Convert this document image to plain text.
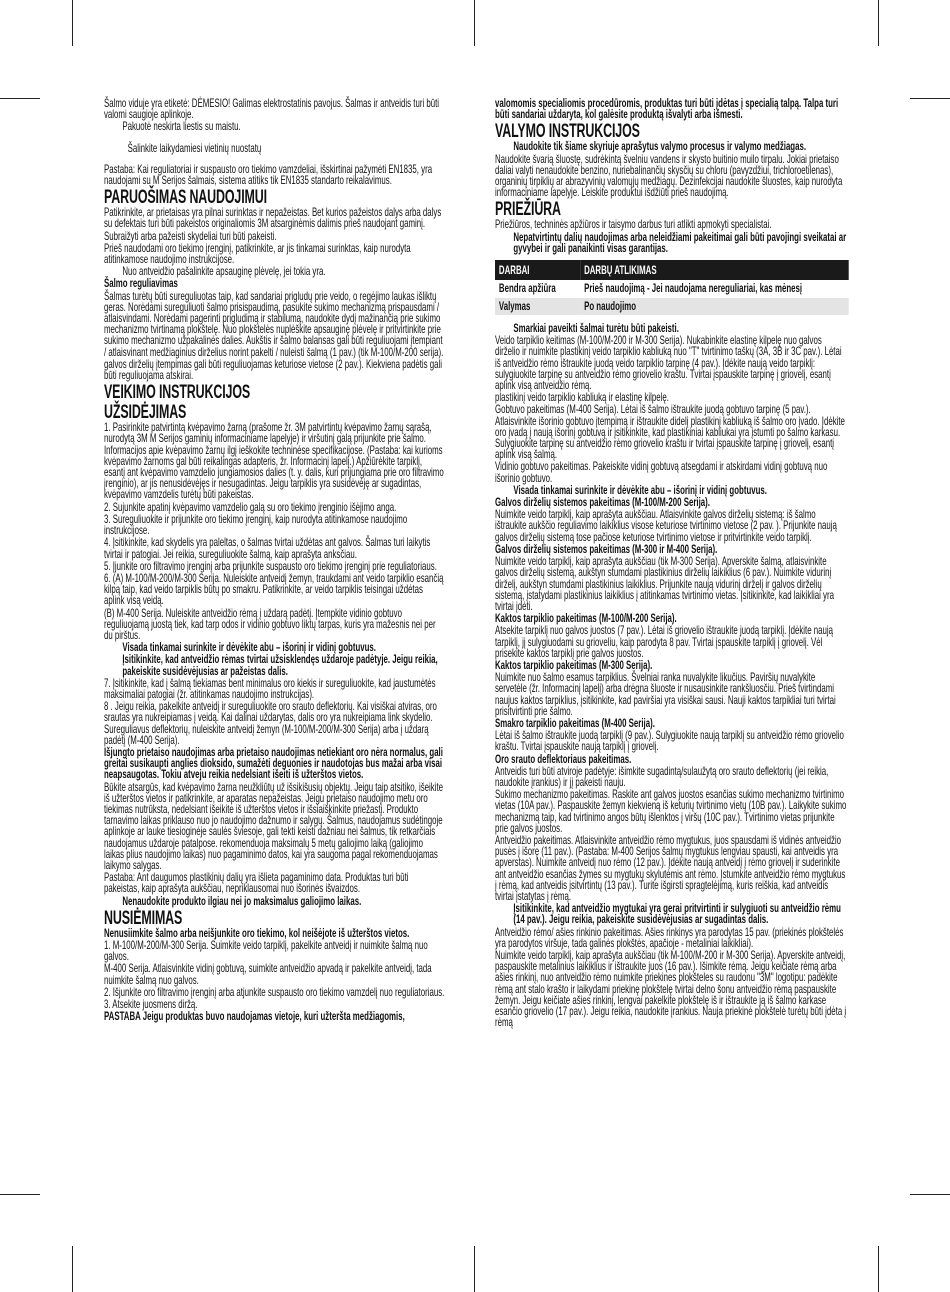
Šalmo viduje yra etiketė: DĖMESIO! Galimas elektrostatinis pavojus. Šalmas ir antveidis turi būti valomi saugioje aplinkoje.
Pakuotė neskirta liestis su maistu.
Šalinkite laikydamiesi vietinių nuostatų
Pastaba: Kai reguliatoriai ir suspausto oro tiekimo vamzdeliai, išskirtinai pažymėti EN1835, yra naudojami su M Serijos šalmais, sistema atitiks tik EN1835 standarto reikalavimus.
PARUOŠIMAS NAUDOJIMUI
Patikrinkite, ar prietaisas yra pilnai surinktas ir nepažeistas. Bet kurios pažeistos dalys arba dalys su defektais turi būti pakeistos originaliomis 3M atsarginėmis dalimis prieš naudojant gaminį.
Subraižyti arba pažeisti skydeliai turi būti pakeisti.
Prieš naudodami oro tiekimo įrenginį, patikrinkite, ar jis tinkamai surinktas, kaip nurodyta atitinkamose naudojimo instrukcijose.
Nuo antveidžio pašalinkite apsauginę plėvelę, jei tokia yra.
Šalmo reguliavimas
Šalmas turėtų būti sureguliuotas taip, kad sandariai prigludų prie veido, o regėjimo laukas išliktų geras. Norėdami sureguliuoti šalmo prisispaudimą, pasukite sukimo mechanizmą prispausdami / atlaisvindami. Norėdami pagerinti prigludimą ir stabilumą, naudokite dydį mažinančią prie sukimo mechanizmo tvirtinamą plokštelę. Nuo plokštelės nuplėškite apsauginę plėvelę ir pritvirtinkite prie sukimo mechanizmo užpakalinės dalies. Aukštis ir šalmo balansas gali būti reguliuojami įtempiant / atlaisvinant medžiaginius dirželius norint pakelti / nuleisti šalmą (1 pav.) (tik M-100/M-200 serija).
galvos dirželių įtempimas gali būti reguliuojamas keturiose vietose (2 pav.). Kiekviena padėtis gali būti reguliuojama atskirai.
VEIKIMO INSTRUKCIJOS
UŽSIDĖJIMAS
1. Pasirinkite patvirtintą kvėpavimo žarną (prašome žr. 3M patvirtintų kvėpavimo žarnų sąrašą, nurodytą 3M M Serijos gaminių informaciniame lapelyje) ir viršutinį galą prijunkite prie šalmo. Informacijos apie kvėpavimo žarnų ilgį ieškokite techninėse specifikacijose. (Pastaba: kai kurioms kvėpavimo žarnoms gal būti reikalingas adapteris, žr. Informacinį lapelį.) Apžiūrėkite tarpiklį, esantį ant kvėpavimo vamzdelio jungiamosios dalies (t. y. dalis, kuri prijungiama prie oro filtravimo įrenginio), ar jis nenusidėvėjęs ir nesugadintas. Jeigu tarpiklis yra susidėvėję ar sugadintas, kvėpavimo vamzdelis turėtų būti pakeistas.
2. Sujunkite apatinį kvėpavimo vamzdelio galą su oro tiekimo įrenginio išėjimo anga.
3. Sureguliuokite ir prijunkite oro tiekimo įrenginį, kaip nurodyta atitinkamose naudojimo instrukcijose.
4. Įsitikinkite, kad skydelis yra paleltas, o šalmas tvirtai uždėtas ant galvos. Šalmas turi laikytis tvirtai ir patogiai. Jei reikia, sureguliuokite šalmą, kaip aprašyta anksčiau.
5. Įjunkite oro filtravimo įrenginį arba prijunkite suspausto oro tiekimo įrenginį prie reguliatoriaus.
6. (A) M-100/M-200/M-300 Serija. Nuleiskite antveidį žemyn, traukdami ant veido tarpiklio esančią kilpą taip, kad veido tarpiklis būtų po smakru. Patikrinkite, ar veido tarpiklis teisingai uždėtas aplink visą veidą.
(B) M-400 Serija. Nuleiskite antveidžio rėmą į uždarą padėtį. Įtempkite vidinio gobtuvo reguliuojamą juostą tiek, kad tarp odos ir vidinio gobtuvo liktų tarpas, kuris yra mažesnis nei per du pirštus.
Visada tinkamai surinkite ir dėvėkite abu – išorinį ir vidinį gobtuvus.
Įsitikinkite, kad antveidžio rėmas tvirtai užsisklendęs uždaroje padėtyje. Jeigu reikia, pakeiskite susidėvėjusias ar pažeistas dalis.
7. Įsitikinkite, kad į šalmą tiekiamas bent minimalus oro kiekis ir sureguliuokite, kad jaustumėtės maksimaliai patogiai (žr. atitinkamas naudojimo instrukcijas).
8 . Jeigu reikia, pakelkite antveidį ir sureguliuokite oro srauto deflektorių. Kai visiškai atviras, oro srautas yra nukreipiamas į veidą. Kai dalinai uždarytas, dalis oro yra nukreipiama link skydelio. Sureguliavus deflektorių, nuleiskite antveidį žemyn (M-100/M-200/M-300 Serija) arba į uždarą padėtį (M-400 Serija).
Išjungto prietaiso naudojimas arba prietaiso naudojimas netiekiant oro nėra normalus, gali greitai susikaupti anglies dioksido, sumažėti deguonies ir naudotojas bus mažai arba visai neapsaugotas. Tokiu atveju reikia nedelsiant išeiti iš užterštos vietos.
Būkite atsargūs, kad kvėpavimo žarna neužkliūtų už išsikišusių objektų. Jeigu taip atsitiko, išeikite iš užterštos vietos ir patikrinkite, ar aparatas nepažeistas. Jeigu prietaiso naudojimo metu oro tiekimas nutrūksta, nedelsiant išeikite iš užterštos vietos ir išsiaiškinkite priežastį. Produkto tarnavimo laikas priklauso nuo jo naudojimo dažnumo ir salygų. Šalmus, naudojamus sudėtingoje aplinkoje ar lauke tiesioginėje saulės šviesoje, gali tekti keisti dažniau nei šalmus, tik retkarčiais naudojamus uždaroje patalpose. rekomenduoja maksimalų 5 metų galiojimo laiką (galiojimo laikas plius naudojimo laikas) nuo pagaminimo datos, kai yra saugoma pagal rekomenduojamas laikymo salygas.
Pastaba: Ant daugumos plastikinių dalių yra išlieta pagaminimo data. Produktas turi būti pakeistas, kaip aprašyta aukščiau, nepriklausomai nuo išorinės išvaizdos.
Nenaudokite produkto ilgiau nei jo maksimalus galiojimo laikas.
NUSIĖMIMAS
Nenusiimkite šalmo arba neišjunkite oro tiekimo, kol neišėjote iš užterštos vietos.
1. M-100/M-200/M-300 Serija. Suimkite veido tarpiklį, pakelkite antveidį ir nuimkite šalmą nuo galvos.
M-400 Serija. Atlaisvinkite vidinį gobtuvą, suimkite antveidžio apvadą ir pakelkite antveidį, tada nuimkite šalmą nuo galvos.
2. Išjunkite oro filtravimo įrenginį arba atjunkite suspausto oro tiekimo vamzdelį nuo reguliatoriaus.
3. Atsekite juosmens diržą.
PASTABA Jeigu produktas buvo naudojamas vietoje, kuri užteršta medžiagomis,
valomomis specialiomis procedūromis, produktas turi būti įdėtas į specialią talpą. Talpa turi būti sandariai uždaryta, kol galėsite produktą išvalyti arba išmesti.
VALYMO INSTRUKCIJOS
Naudokite tik šiame skyriuje aprašytus valymo procesus ir valymo medžiagas.
Naudokite švarią šluostę, sudrėkintą švelniu vandens ir skysto buitinio muilo tirpalu. Jokiai prietaiso daliai valyti nenaudokite benzino, nuriebalinančių skysčių su chloru (pavyzdžiui, trichloroetilenas), organinių tirpiklių ar abrazyvinių valomųjų medžiagų. Dezinfekcijai naudokite šluostes, kaip nurodyta informaciniame lapelyje. Leiskite produktui išdžiūti prieš naudojimą.
PRIEŽIŪRA
Priežiūros, techninės apžiūros ir taisymo darbus turi atlikti apmokyti specialistai.
Nepatvirtintų dalių naudojimas arba neleidžiami pakeitimai gali būti pavojingi sveikatai ar gyvybei ir gali panaikinti visas garantijas.
DARBAI	DARBŲ ATLIKIMAS
Bendra apžiūra	Prieš naudojimą - Jei naudojama nereguliariai, kas mėnesį
Valymas	Po naudojimo
Smarkiai paveikti šalmai turėtu būti pakeisti.
Veido tarpiklio keitimas (M-100/M-200 ir M-300 Serija). Nukabinkite elastinę kilpelę nuo galvos dirželio ir nuimkite plastikinį veido tarpiklio kabliuką nuo "T" tvirtinimo taškų (3A, 3B ir 3C pav.). Lėtai iš antveidžio rėmo ištraukite juodą veido tarpiklio tarpinę (4 pav.). Įdėkite naują veido tarpiklį: sulygiuokite tarpinę su antveidžio rėmo griovelio kraštu. Tvirtai įspauskite tarpinę į griovelį, esantį aplink visą antveidžio rėmą.
plastikinį veido tarpiklio kabliuką ir elastinę kilpelę.
Gobtuvo pakeitimas (M-400 Serija). Lėtai iš šalmo ištraukite juodą gobtuvo tarpinę (5 pav.). Atlaisvinkite išorinio gobtuvo įtempimą ir ištraukite didelį plastikinį kabliuką iš šalmo oro įvado. Įdėkite oro įvadą į naują išorinį gobtuvą ir įsitikinkite, kad plastikiniai kabliukai yra įstumti po šalmo karkasu. Sulygiuokite tarpinę su antveidžio rėmo griovelio kraštu ir tvirtai įspauskite tarpinę į griovelį, esantį aplink visą šalmą.
Vidinio gobtuvo pakeitimas. Pakeiskite vidinį gobtuvą atsegdami ir atskirdami vidinį gobtuvą nuo išorinio gobtuvo.
Visada tinkamai surinkite ir dėvėkite abu – išorinį ir vidinį gobtuvus.
Galvos dirželių sistemos pakeitimas (M-100/M-200 Serija).
Nuimkite veido tarpiklį, kaip aprašyta aukščiau. Atlaisvinkite galvos dirželių sistemą: iš šalmo ištraukite aukščio reguliavimo laikiklius visose keturiose tvirtinimo vietose (2 pav. ). Prijunkite naują galvos dirželių sistemą tose pačiose keturiose tvirtinimo vietose ir pritvirtinkite veido tarpiklį.
Galvos dirželių sistemos pakeitimas (M-300 ir M-400 Serija).
Nuimkite veido tarpiklį, kaip aprašyta aukščiau (tik M-300 Serija). Apverskite šalmą, atlaisvinkite galvos dirželių sistemą, aukštyn stumdami plastikinius dirželių laikiklius (6 pav.). Nuimkite vidurinį dirželį, aukštyn stumdami plastikinius laikiklius. Prijunkite naują vidurinį dirželį ir galvos dirželių sistemą, įstatydami plastikinius laikiklius į atitinkamas tvirtinimo vietas. Įsitikinkite, kad laikikliai yra tvirtai įdėti.
Kaktos tarpiklio pakeitimas (M-100/M-200 Serija).
Atsekite tarpiklį nuo galvos juostos (7 pav.). Lėtai iš griovelio ištraukite juodą tarpiklį. Įdėkite naują tarpiklį, jį sulygiuodami su grioveliu, kaip parodyta 8 pav. Tvirtai įspauskite tarpiklį į griovelį. Vėl prisekite kaktos tarpiklį prie galvos juostos.
Kaktos tarpiklio pakeitimas (M-300 Serija).
Nuimkite nuo šalmo esamus tarpiklius. Švelniai ranka nuvalykite likučius. Paviršių nuvalykite servetėle (žr. Informacinį lapelį) arba drėgna šluoste ir nusausinkite rankšluosčiu. Prieš tvirtindami naujus kaktos tarpiklius, įsitikinkite, kad paviršiai yra visiškai sausi. Nauji kaktos tarpikliai turi tvirtai prisitvirtinti prie šalmo.
Smakro tarpiklio pakeitimas (M-400 Serija).
Lėtai iš šalmo ištraukite juodą tarpiklį (9 pav.). Sulygiuokite naują tarpiklį su antveidžio rėmo griovelio kraštu. Tvirtai įspauskite naują tarpiklį į griovelį.
Oro srauto deflektoriaus pakeitimas.
Antveidis turi būti atviroje padėtyje: išimkite sugadintą/sulaužytą oro srauto deflektorių (jei reikia, naudokite įrankius) ir jį pakeisti nauju.
Sukimo mechanizmo pakeitimas. Raskite ant galvos juostos esančias sukimo mechanizmo tvirtinimo vietas (10A pav.). Paspauskite žemyn kiekvieną iš keturių tvirtinimo vietų (10B pav.). Laikykite sukimo mechanizmą taip, kad tvirtinimo angos būtų išlenktos į viršų (10C pav.). Tvirtinimo vietas prijunkite prie galvos juostos.
Antveidžio pakeitimas. Atlaisvinkite antveidžio rėmo mygtukus, juos spausdami iš vidinės antveidžio pusės į išorę (11 pav.). (Pastaba: M-400 Serijos šalmų mygtukus lengviau spausti, kai antveidis yra apverstas). Nuimkite antveidį nuo rėmo (12 pav.). Įdėkite naują antveidį į rėmo griovelį ir suderinkite ant antveidžio esančias žymes su mygtukų skylutėmis ant rėmo. Įstumkite antveidžio rėmo mygtukus į rėmą, kad antveidis įsitvirtintų (13 pav.). Turite išgirsti spragtelėjimą, kuris reiškia, kad antveidis tvirtai įstatytas į rėmą.
Įsitikinkite, kad antveidžio mygtukai yra gerai pritvirtinti ir sulygiuoti su antveidžio rėmu (14 pav.). Jeigu reikia, pakeiskite susidėvėjusias ar sugadintas dalis.
Antveidžio rėmo/ ašies rinkinio pakeitimas. Ašies rinkinys yra parodytas 15 pav. (priekinės plokštelės yra parodytos viršuje, tada galinės plokštės, apačioje - metaliniai laikikliai).
Nuimkite veido tarpiklį, kaip aprašyta aukščiau (tik M-100/M-200 ir M-300 Serija). Apverskite antveidį, paspauskite metalinius laikiklius ir ištraukite juos (16 pav.). Išimkite rėmą. Jeigu keičiate rėmą arba ašies rinkinį, nuo antveidžio rėmo nuimkite priekines plokšteles su raudonu "3M" logotipu: padėkite rėmą ant stalo krašto ir laikydami priekinę plokštelę tvirtai delno šonu antveidžio rėmą paspauskite žemyn. Jeigu keičiate ašies rinkinį, lengvai pakelkite plokštelę iš ir ištraukite ją iš šalmo karkase esančio griovelio (17 pav.). Jeigu reikia, naudokite įrankius. Nauja priekinė plokštelė turėtų būti įdėta į rėmą
